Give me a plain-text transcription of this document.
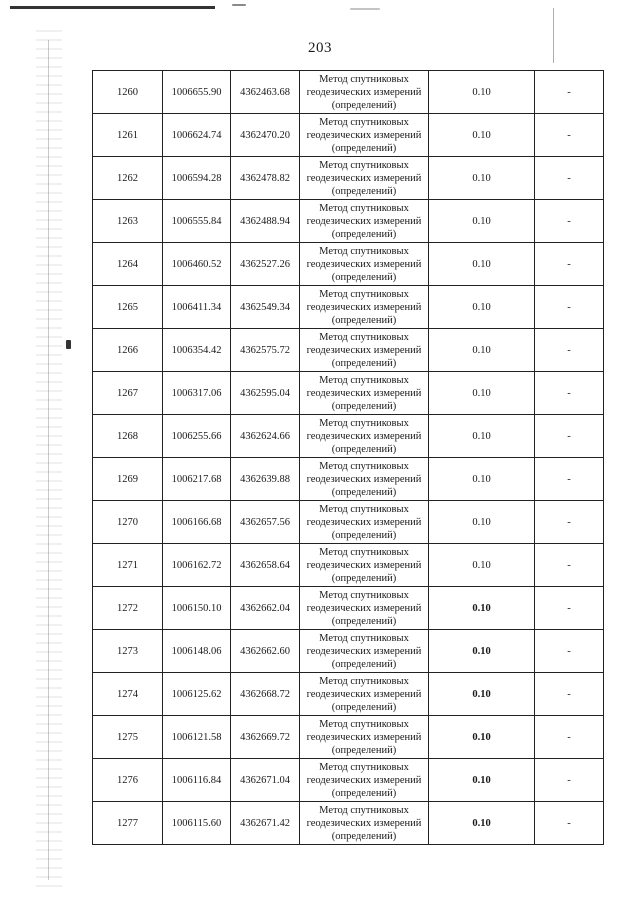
203
1260	1006655.90	4362463.68	Метод спутниковых
геодезических измерений
(определений)	0.10	-
1261	1006624.74	4362470.20	Метод спутниковых
геодезических измерений
(определений)	0.10	-
1262	1006594.28	4362478.82	Метод спутниковых
геодезических измерений
(определений)	0.10	-
1263	1006555.84	4362488.94	Метод спутниковых
геодезических измерений
(определений)	0.10	-
1264	1006460.52	4362527.26	Метод спутниковых
геодезических измерений
(определений)	0.10	-
1265	1006411.34	4362549.34	Метод спутниковых
геодезических измерений
(определений)	0.10	-
1266	1006354.42	4362575.72	Метод спутниковых
геодезических измерений
(определений)	0.10	-
1267	1006317.06	4362595.04	Метод спутниковых
геодезических измерений
(определений)	0.10	-
1268	1006255.66	4362624.66	Метод спутниковых
геодезических измерений
(определений)	0.10	-
1269	1006217.68	4362639.88	Метод спутниковых
геодезических измерений
(определений)	0.10	-
1270	1006166.68	4362657.56	Метод спутниковых
геодезических измерений
(определений)	0.10	-
1271	1006162.72	4362658.64	Метод спутниковых
геодезических измерений
(определений)	0.10	-
1272	1006150.10	4362662.04	Метод спутниковых
геодезических измерений
(определений)	0.10	-
1273	1006148.06	4362662.60	Метод спутниковых
геодезических измерений
(определений)	0.10	-
1274	1006125.62	4362668.72	Метод спутниковых
геодезических измерений
(определений)	0.10	-
1275	1006121.58	4362669.72	Метод спутниковых
геодезических измерений
(определений)	0.10	-
1276	1006116.84	4362671.04	Метод спутниковых
геодезических измерений
(определений)	0.10	-
1277	1006115.60	4362671.42	Метод спутниковых
геодезических измерений
(определений)	0.10	-
